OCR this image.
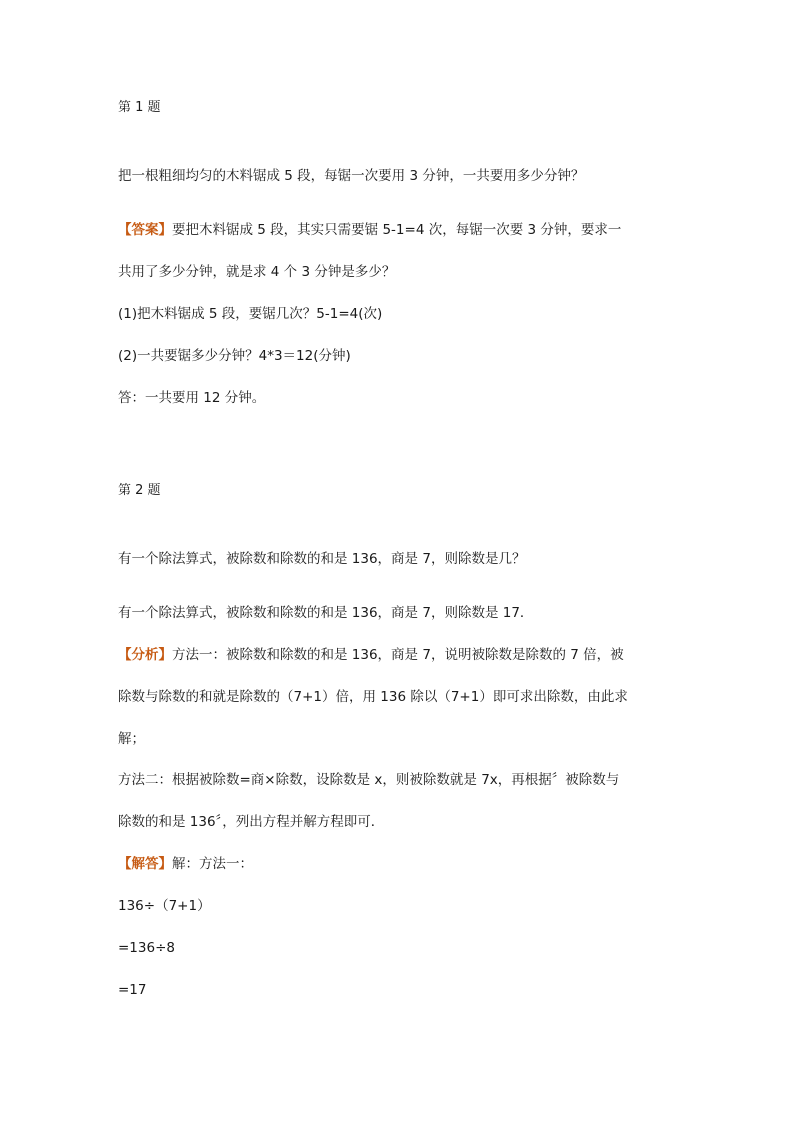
第 1 题
把一根粗细均匀的木料锯成 5 段，每锯一次要用 3 分钟，一共要用多少分钟？
【答案】要把木料锯成 5 段，其实只需要锯 5-1=4 次，每锯一次要 3 分钟，要求一
共用了多少分钟，就是求 4 个 3 分钟是多少？
(1)把木料锯成 5 段，要锯几次？5-1=4(次)
(2)一共要锯多少分钟？4*3＝12(分钟)
答：一共要用 12 分钟。
第 2 题
有一个除法算式，被除数和除数的和是 136，商是 7，则除数是几？
有一个除法算式，被除数和除数的和是 136，商是 7，则除数是 17．
【分析】方法一：被除数和除数的和是 136，商是 7，说明被除数是除数的 7 倍，被
除数与除数的和就是除数的（7+1）倍，用 136 除以（7+1）即可求出除数，由此求
解；
方法二：根据被除数=商×除数，设除数是 x，则被除数就是 7x，再根据〞被除数与
除数的和是 136〞，列出方程并解方程即可．
【解答】解：方法一：
136÷（7+1）
=136÷8
=17
